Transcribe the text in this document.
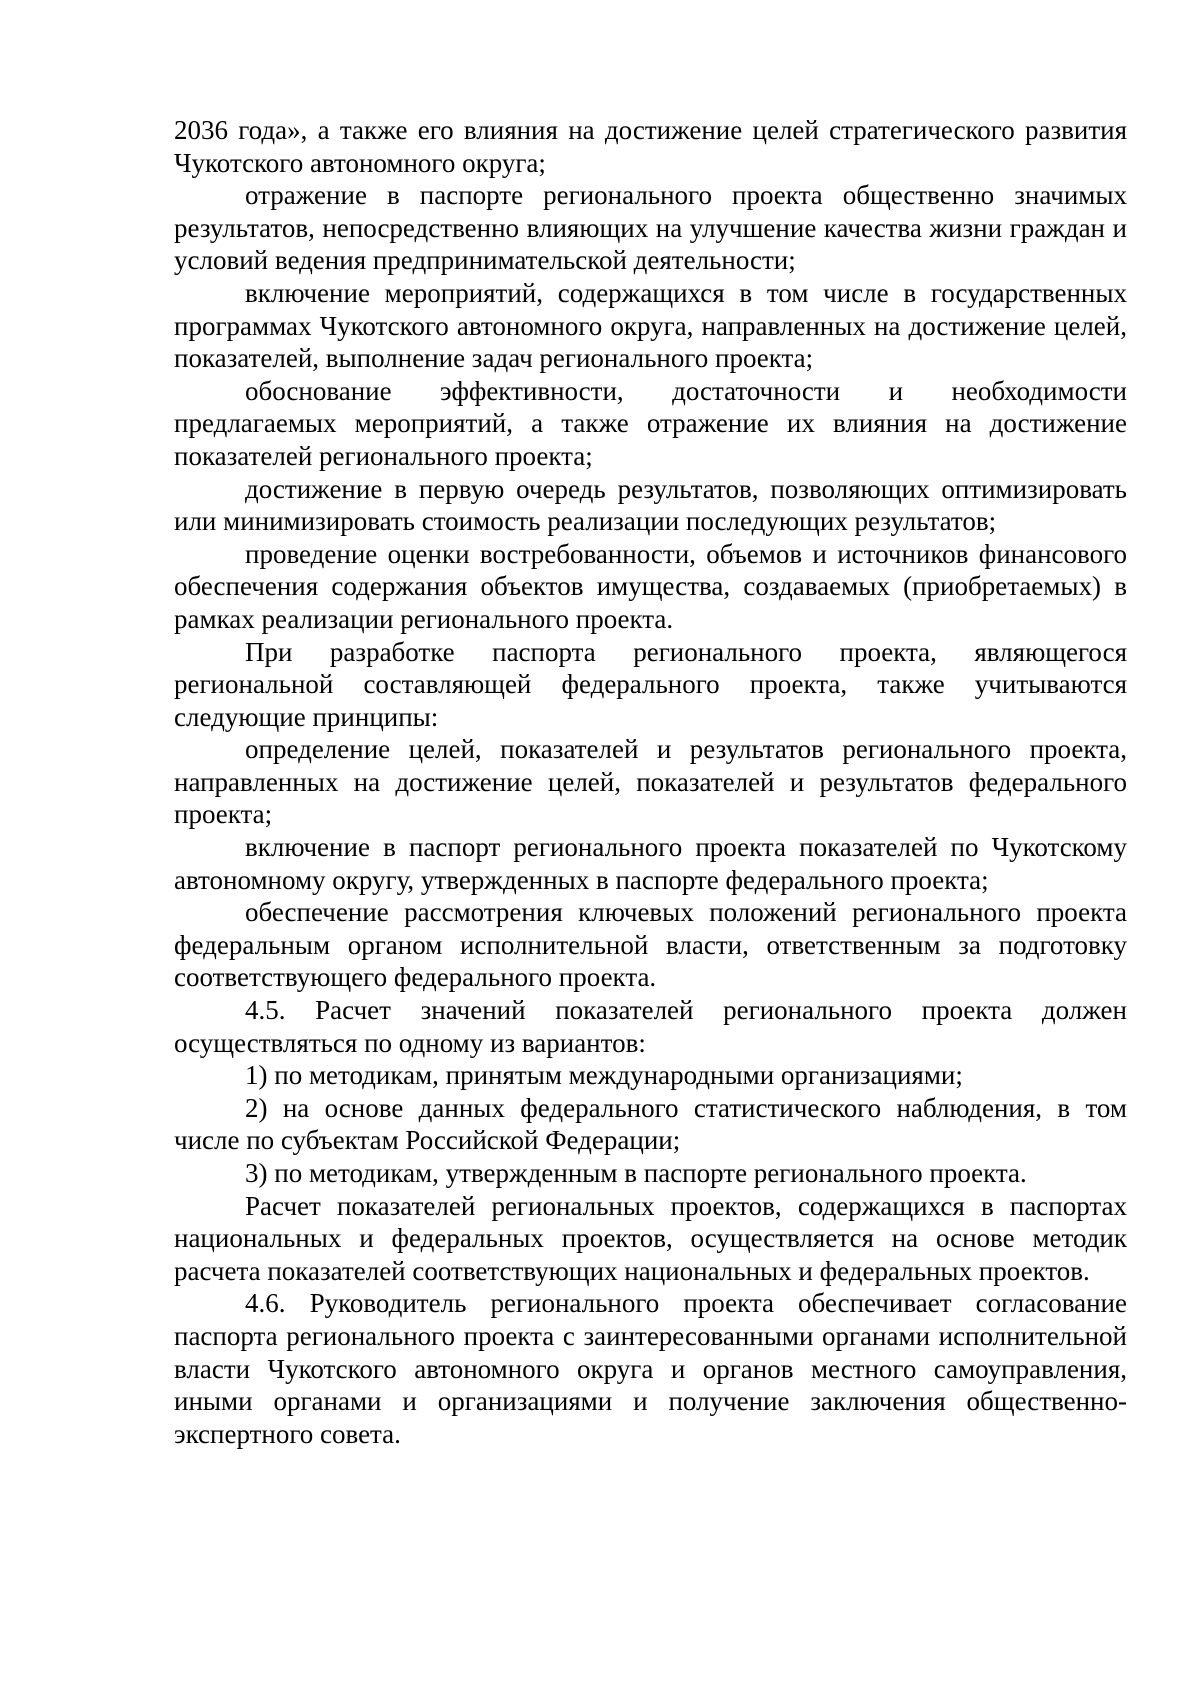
2036 года», а также его влияния на достижение целей стратегического развития Чукотского автономного округа;

отражение в паспорте регионального проекта общественно значимых результатов, непосредственно влияющих на улучшение качества жизни граждан и условий ведения предпринимательской деятельности;

включение мероприятий, содержащихся в том числе в государственных программах Чукотского автономного округа, направленных на достижение целей, показателей, выполнение задач регионального проекта;

обоснование эффективности, достаточности и необходимости предлагаемых мероприятий, а также отражение их влияния на достижение показателей регионального проекта;

достижение в первую очередь результатов, позволяющих оптимизировать или минимизировать стоимость реализации последующих результатов;

проведение оценки востребованности, объемов и источников финансового обеспечения содержания объектов имущества, создаваемых (приобретаемых) в рамках реализации регионального проекта.

При разработке паспорта регионального проекта, являющегося региональной составляющей федерального проекта, также учитываются следующие принципы:

определение целей, показателей и результатов регионального проекта, направленных на достижение целей, показателей и результатов федерального проекта;

включение в паспорт регионального проекта показателей по Чукотскому автономному округу, утвержденных в паспорте федерального проекта;

обеспечение рассмотрения ключевых положений регионального проекта федеральным органом исполнительной власти, ответственным за подготовку соответствующего федерального проекта.

4.5. Расчет значений показателей регионального проекта должен осуществляться по одному из вариантов:

1) по методикам, принятым международными организациями;

2) на основе данных федерального статистического наблюдения, в том числе по субъектам Российской Федерации;

3) по методикам, утвержденным в паспорте регионального проекта.

Расчет показателей региональных проектов, содержащихся в паспортах национальных и федеральных проектов, осуществляется на основе методик расчета показателей соответствующих национальных и федеральных проектов.

4.6. Руководитель регионального проекта обеспечивает согласование паспорта регионального проекта с заинтересованными органами исполнительной власти Чукотского автономного округа и органов местного самоуправления, иными органами и организациями и получение заключения общественно-экспертного совета.
